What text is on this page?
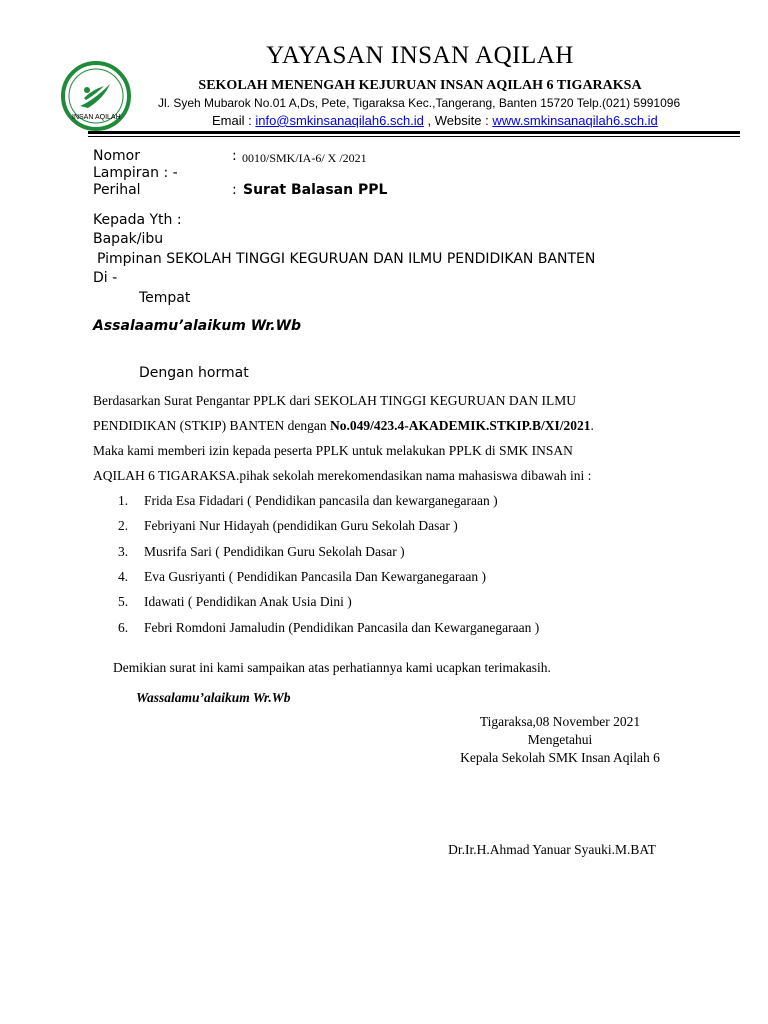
INSAN AQILAH
YAYASAN INSAN AQILAH
SEKOLAH MENENGAH KEJURUAN INSAN AQILAH 6 TIGARAKSA
Jl. Syeh Mubarok No.01 A,Ds, Pete, Tigaraksa Kec.,Tangerang, Banten 15720 Telp.(021) 5991096
Email : info@smkinsanaqilah6.sch.id , Website : www.smkinsanaqilah6.sch.id
Nomor	: 0010/SMK/IA-6/ X /2021
Lampiran : -
Perihal	: Surat Balasan PPL
Kepada Yth :
Bapak/ibu
Pimpinan SEKOLAH TINGGI KEGURUAN DAN ILMU PENDIDIKAN BANTEN
Di -
Tempat
Assalaamu’alaikum Wr.Wb
Dengan hormat
Berdasarkan Surat Pengantar PPLK dari SEKOLAH TINGGI KEGURUAN DAN ILMU
PENDIDIKAN (STKIP) BANTEN dengan No.049/423.4-AKADEMIK.STKIP.B/XI/2021.
Maka kami memberi izin kepada peserta PPLK untuk melakukan PPLK di SMK INSAN
AQILAH 6 TIGARAKSA.pihak sekolah merekomendasikan nama mahasiswa dibawah ini :
1. Frida Esa Fidadari ( Pendidikan pancasila dan kewarganegaraan )
2. Febriyani Nur Hidayah (pendidikan Guru Sekolah Dasar )
3. Musrifa Sari ( Pendidikan Guru Sekolah Dasar )
4. Eva Gusriyanti ( Pendidikan Pancasila Dan Kewarganegaraan )
5. Idawati ( Pendidikan Anak Usia Dini )
6. Febri Romdoni Jamaludin (Pendidikan Pancasila dan Kewarganegaraan )
Demikian surat ini kami sampaikan atas perhatiannya kami ucapkan terimakasih.
Wassalamu’alaikum Wr.Wb
Tigaraksa,08 November 2021
Mengetahui
Kepala Sekolah SMK Insan Aqilah 6
Dr.Ir.H.Ahmad Yanuar Syauki.M.BAT
